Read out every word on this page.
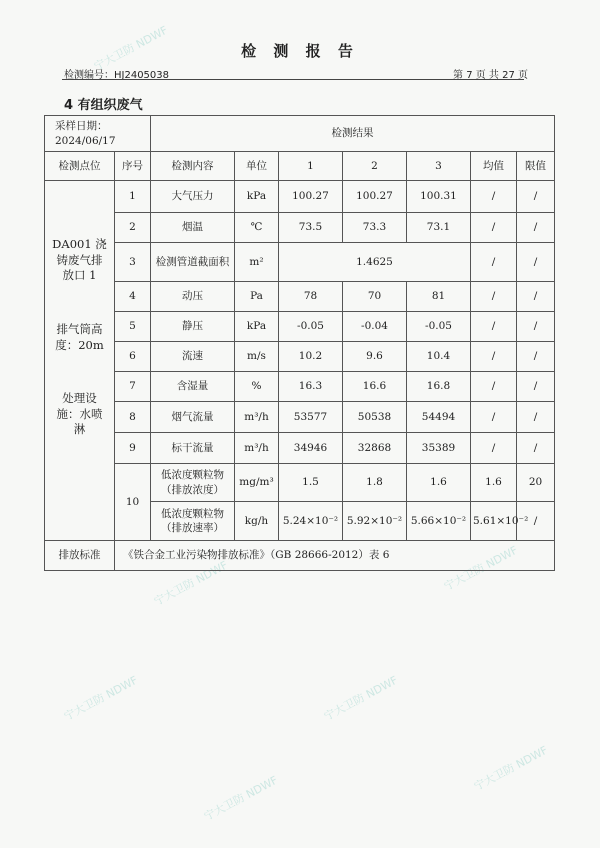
宁大卫防 NDWF
宁大卫防 NDWF	宁大卫防 NDWF
宁大卫防 NDWF	宁大卫防 NDWF
宁大卫防 NDWF
宁大卫防 NDWF
检 测 报 告
检测编号：HJ2405038	第 7 页 共 27 页
4 有组织废气
采样日期：
2024/06/17		检测结果						
检测点位	序号	检测内容	单位	1	2	3	均值	限值

DA001 浇铸废气排放口 1
排气筒高度：20m
处理设施：水喷淋	1	大气压力	kPa	100.27	100.27	100.31	/	/
	2	烟温	℃	73.5	73.3	73.1	/	/
	3	检测管道截面积	m²	1.4625			/	/
	4	动压	Pa	78	70	81	/	/
	5	静压	kPa	-0.05	-0.04	-0.05	/	/
	6	流速	m/s	10.2	9.6	10.4	/	/
	7	含湿量	%	16.3	16.6	16.8	/	/
	8	烟气流量	m³/h	53577	50538	54494	/	/
	9	标干流量	m³/h	34946	32868	35389	/	/
	10	低浓度颗粒物（排放浓度）	mg/m³	1.5	1.8	1.6	1.6	20
		低浓度颗粒物（排放速率）	kg/h	5.24×10⁻²	5.92×10⁻²	5.66×10⁻²	5.61×10⁻²	/
排放标准	《铁合金工业污染物排放标准》（GB 28666-2012）表 6							
